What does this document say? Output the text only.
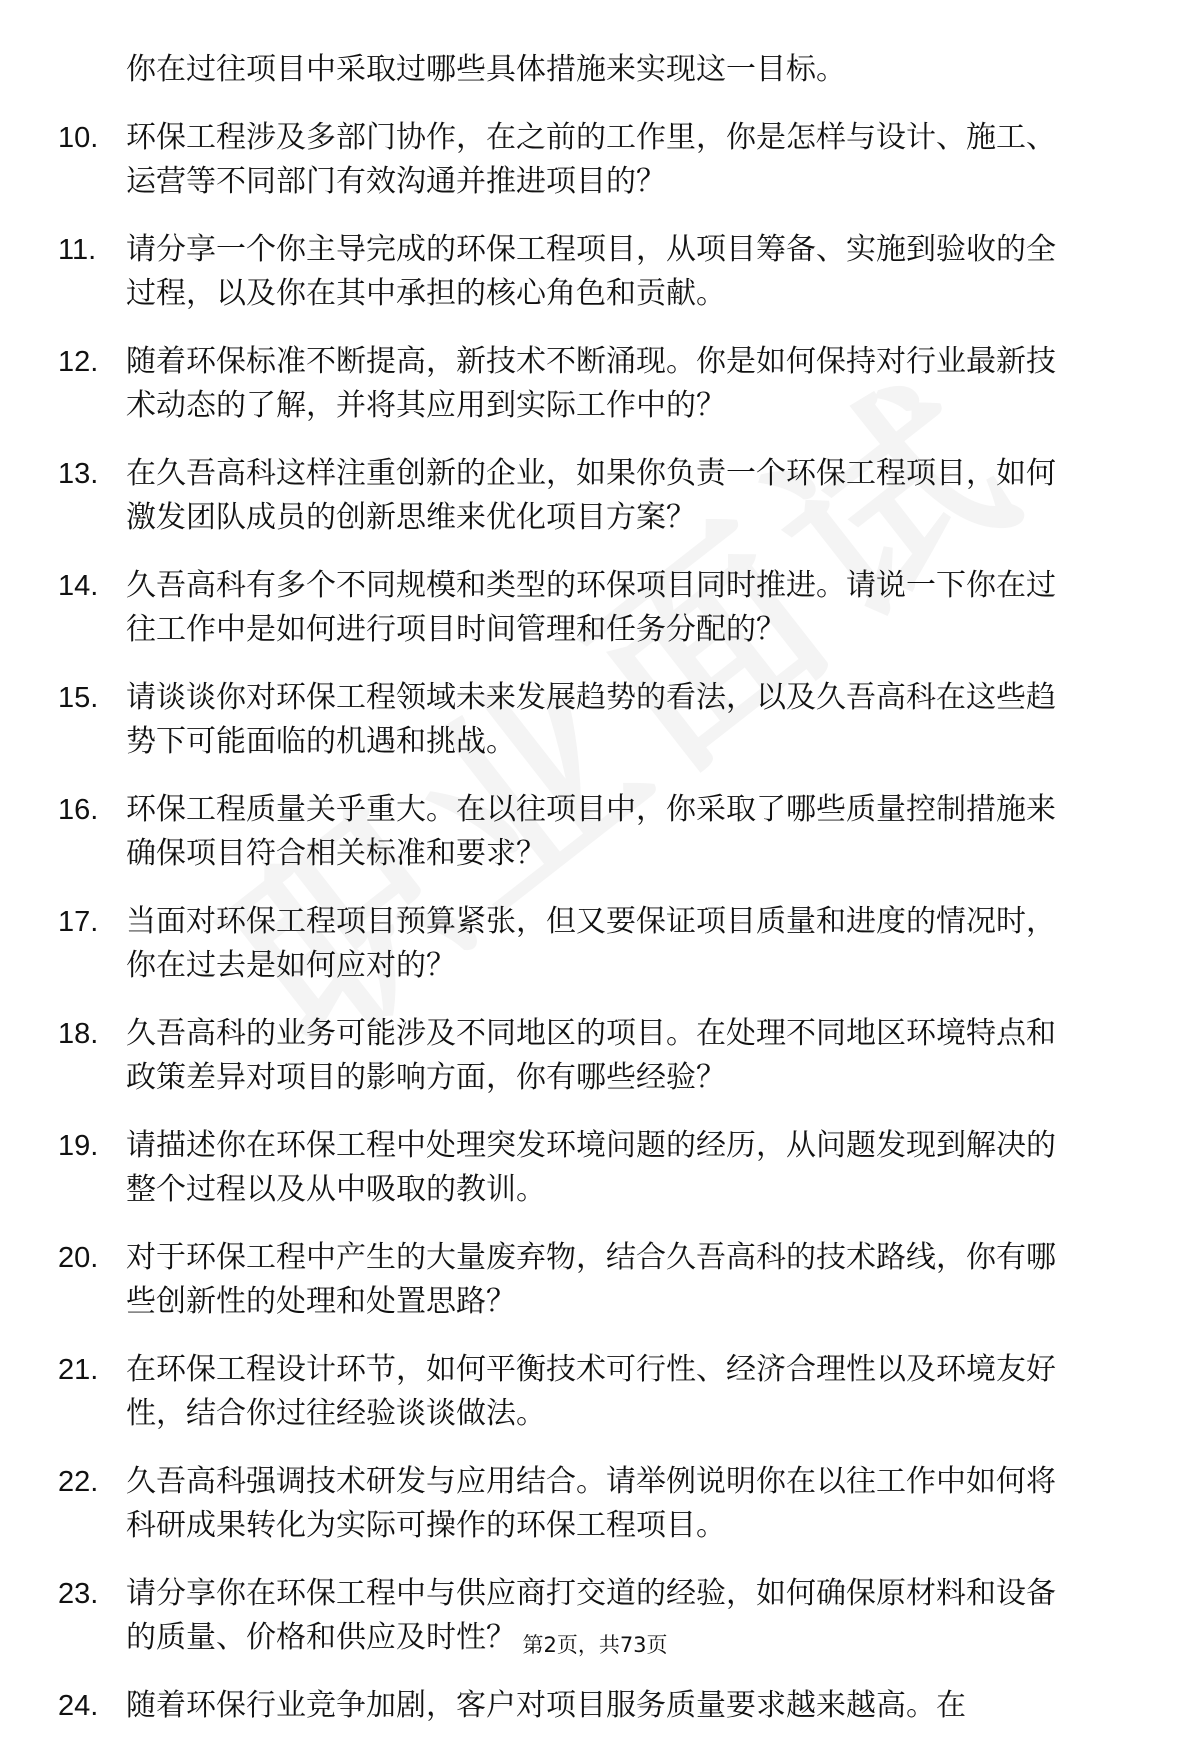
你在过往项目中采取过哪些具体措施来实现这一目标。
10. 环保工程涉及多部门协作，在之前的工作里，你是怎样与设计、施工、运营等不同部门有效沟通并推进项目的？
11. 请分享一个你主导完成的环保工程项目，从项目筹备、实施到验收的全过程，以及你在其中承担的核心角色和贡献。
12. 随着环保标准不断提高，新技术不断涌现。你是如何保持对行业最新技术动态的了解，并将其应用到实际工作中的？
13. 在久吾高科这样注重创新的企业，如果你负责一个环保工程项目，如何激发团队成员的创新思维来优化项目方案？
14. 久吾高科有多个不同规模和类型的环保项目同时推进。请说一下你在过往工作中是如何进行项目时间管理和任务分配的？
15. 请谈谈你对环保工程领域未来发展趋势的看法，以及久吾高科在这些趋势下可能面临的机遇和挑战。
16. 环保工程质量关乎重大。在以往项目中，你采取了哪些质量控制措施来确保项目符合相关标准和要求？
17. 当面对环保工程项目预算紧张，但又要保证项目质量和进度的情况时，你在过去是如何应对的？
18. 久吾高科的业务可能涉及不同地区的项目。在处理不同地区环境特点和政策差异对项目的影响方面，你有哪些经验？
19. 请描述你在环保工程中处理突发环境问题的经历，从问题发现到解决的整个过程以及从中吸取的教训。
20. 对于环保工程中产生的大量废弃物，结合久吾高科的技术路线，你有哪些创新性的处理和处置思路？
21. 在环保工程设计环节，如何平衡技术可行性、经济合理性以及环境友好性，结合你过往经验谈谈做法。
22. 久吾高科强调技术研发与应用结合。请举例说明你在以往工作中如何将科研成果转化为实际可操作的环保工程项目。
23. 请分享你在环保工程中与供应商打交道的经验，如何确保原材料和设备的质量、价格和供应及时性？
24. 随着环保行业竞争加剧，客户对项目服务质量要求越来越高。在
第2页，共73页
